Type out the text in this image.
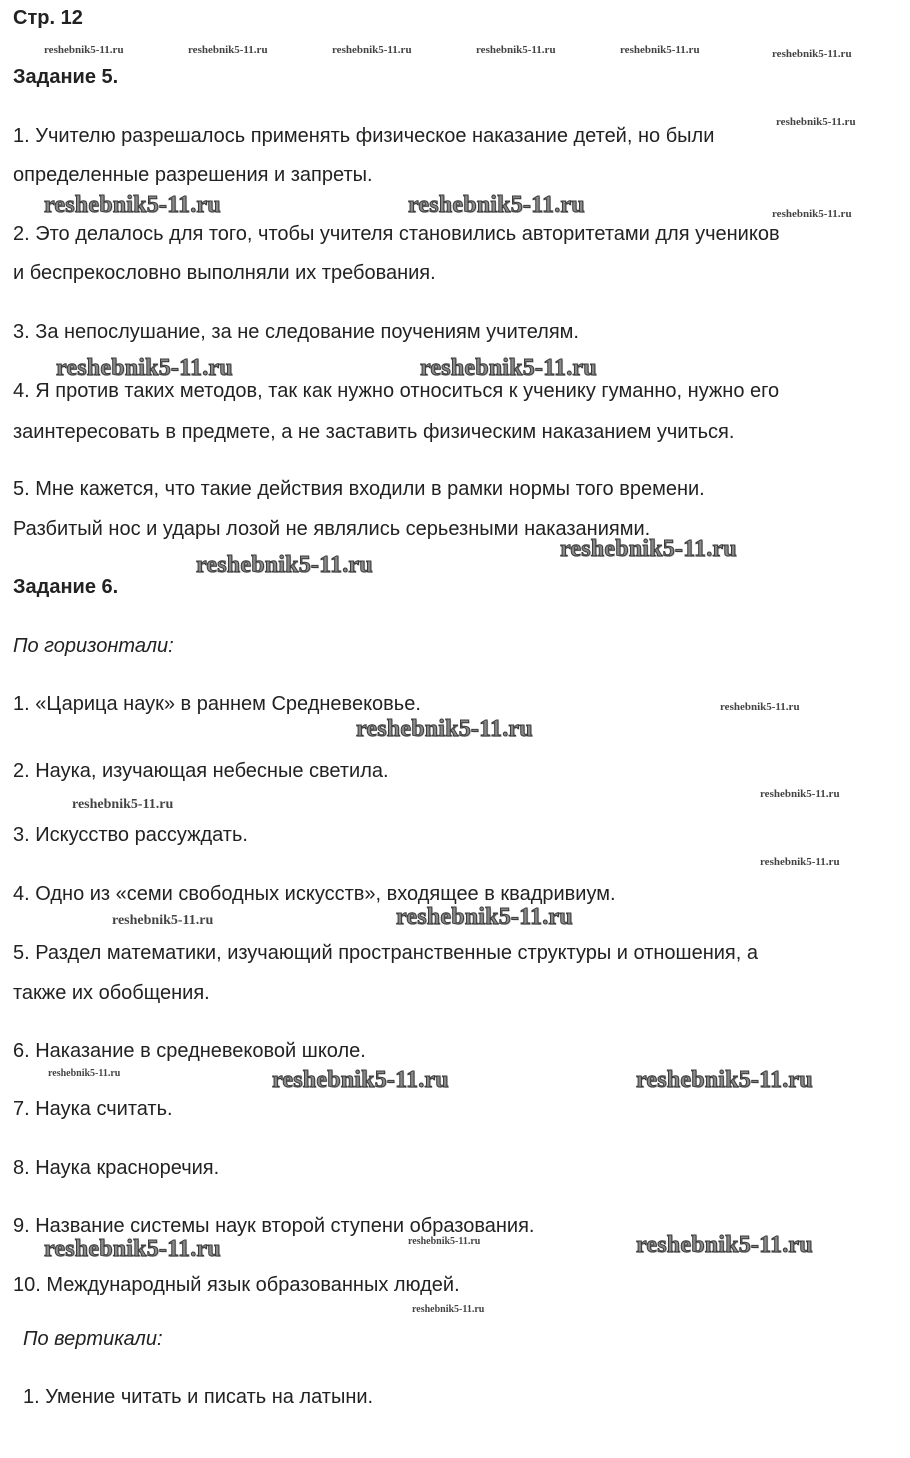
Стр. 12
reshebnik5-11.ru	reshebnik5-11.ru	reshebnik5-11.ru	reshebnik5-11.ru	reshebnik5-11.ru	reshebnik5-11.ru
Задание 5.
reshebnik5-11.ru
1. Учителю разрешалось применять физическое наказание детей, но были
определенные разрешения и запреты.
reshebnik5-11.ru	reshebnik5-11.ru	reshebnik5-11.ru
2. Это делалось для того, чтобы учителя становились авторитетами для учеников
и беспрекословно выполняли их требования.
3. За непослушание, за не следование поучениям учителям.
reshebnik5-11.ru	reshebnik5-11.ru
4. Я против таких методов, так как нужно относиться к ученику гуманно, нужно его
заинтересовать в предмете, а не заставить физическим наказанием учиться.
5. Мне кажется, что такие действия входили в рамки нормы того времени.
Разбитый нос и удары лозой не являлись серьезными наказаниями.
reshebnik5-11.ru
reshebnik5-11.ru
Задание 6.
По горизонтали:
1. «Царица наук» в раннем Средневековье.	reshebnik5-11.ru
reshebnik5-11.ru
2. Наука, изучающая небесные светила.
reshebnik5-11.ru
reshebnik5-11.ru
3. Искусство рассуждать.
reshebnik5-11.ru
4. Одно из «семи свободных искусств», входящее в квадривиум.
reshebnik5-11.ru
reshebnik5-11.ru
5. Раздел математики, изучающий пространственные структуры и отношения, а
также их обобщения.
6. Наказание в средневековой школе.
reshebnik5-11.ru	reshebnik5-11.ru	reshebnik5-11.ru
7. Наука считать.
8. Наука красноречия.
9. Название системы наук второй ступени образования.
reshebnik5-11.ru
reshebnik5-11.ru	reshebnik5-11.ru
10. Международный язык образованных людей.
reshebnik5-11.ru
По вертикали:
1. Умение читать и писать на латыни.
